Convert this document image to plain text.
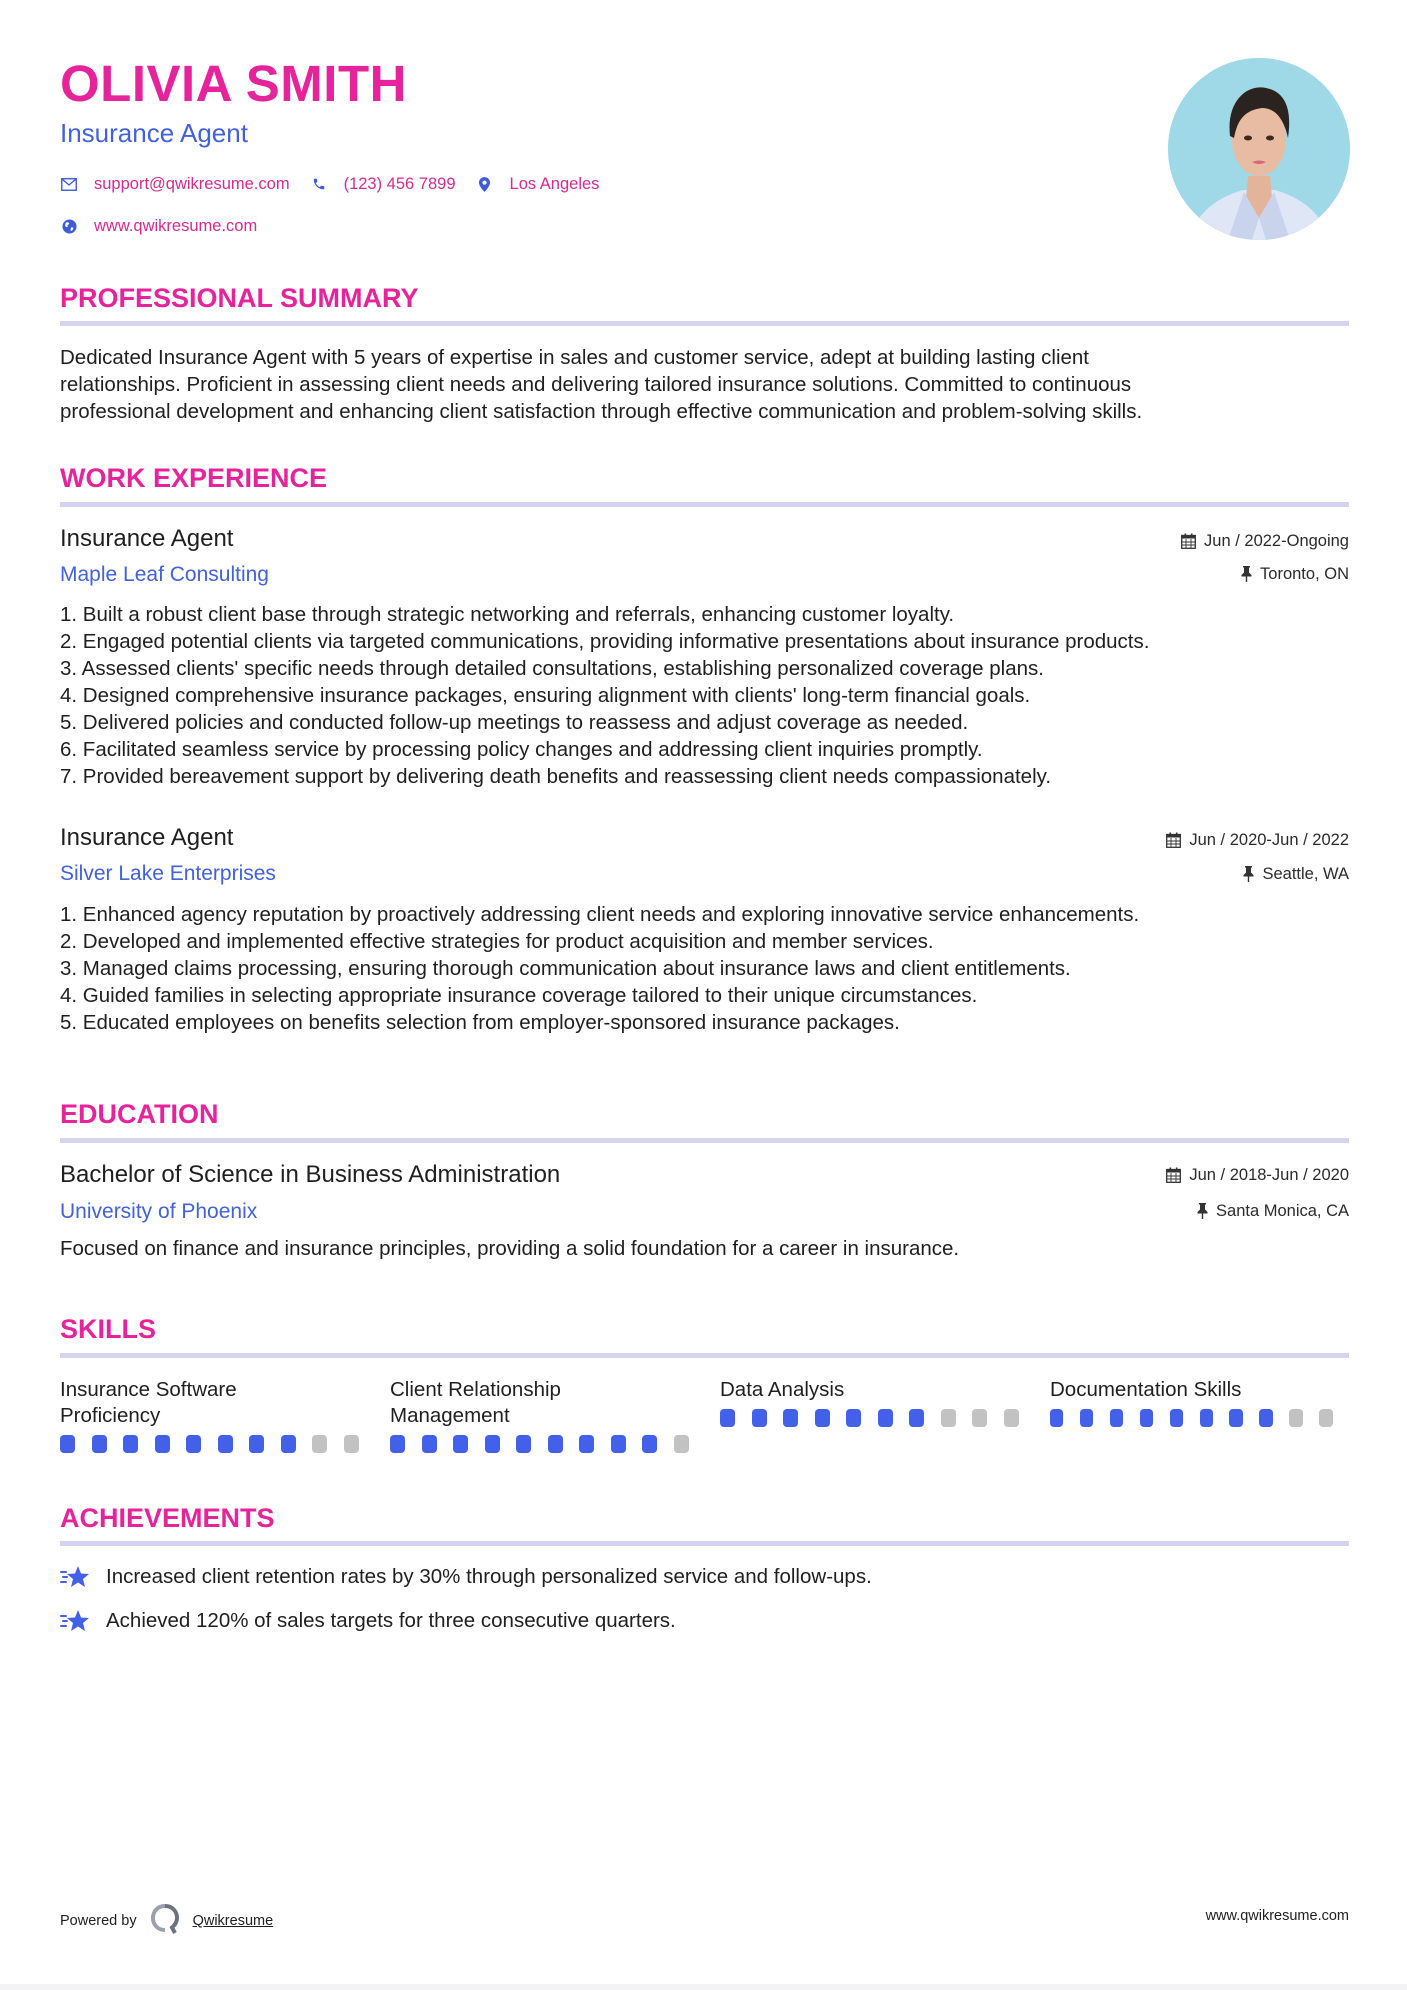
OLIVIA SMITH
Insurance Agent
support@qwikresume.com	(123) 456 7899	Los Angeles
www.qwikresume.com
PROFESSIONAL SUMMARY
Dedicated Insurance Agent with 5 years of expertise in sales and customer service, adept at building lasting client
relationships. Proficient in assessing client needs and delivering tailored insurance solutions. Committed to continuous
professional development and enhancing client satisfaction through effective communication and problem-solving skills.
WORK EXPERIENCE
Insurance Agent
Maple Leaf Consulting
Jun / 2022-Ongoing
Toronto, ON
1. Built a robust client base through strategic networking and referrals, enhancing customer loyalty.
2. Engaged potential clients via targeted communications, providing informative presentations about insurance products.
3. Assessed clients' specific needs through detailed consultations, establishing personalized coverage plans.
4. Designed comprehensive insurance packages, ensuring alignment with clients' long-term financial goals.
5. Delivered policies and conducted follow-up meetings to reassess and adjust coverage as needed.
6. Facilitated seamless service by processing policy changes and addressing client inquiries promptly.
7. Provided bereavement support by delivering death benefits and reassessing client needs compassionately.
Insurance Agent
Silver Lake Enterprises
Jun / 2020-Jun / 2022
Seattle, WA
1. Enhanced agency reputation by proactively addressing client needs and exploring innovative service enhancements.
2. Developed and implemented effective strategies for product acquisition and member services.
3. Managed claims processing, ensuring thorough communication about insurance laws and client entitlements.
4. Guided families in selecting appropriate insurance coverage tailored to their unique circumstances.
5. Educated employees on benefits selection from employer-sponsored insurance packages.
EDUCATION
Bachelor of Science in Business Administration
University of Phoenix
Jun / 2018-Jun / 2020
Santa Monica, CA
Focused on finance and insurance principles, providing a solid foundation for a career in insurance.
SKILLS
Insurance Software
Proficiency
Client Relationship
Management
Data Analysis	Documentation Skills
ACHIEVEMENTS
Increased client retention rates by 30% through personalized service and follow-ups.
Achieved 120% of sales targets for three consecutive quarters.
Powered by	Qwikresume	www.qwikresume.com
